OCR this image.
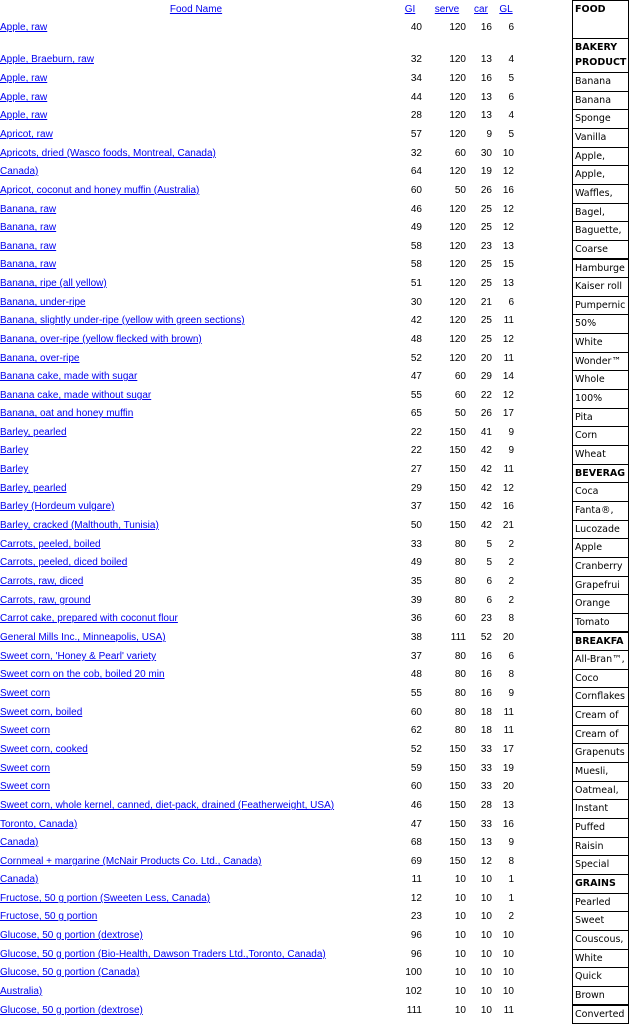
Food Name	GI	serve	car	GL
Apple, raw	40	120	16	6
Apple, Braeburn, raw	32	120	13	4
Apple, raw	34	120	16	5
Apple, raw	44	120	13	6
Apple, raw	28	120	13	4
Apricot, raw	57	120	9	5
Apricots, dried (Wasco foods, Montreal, Canada)	32	60	30	10
Canada)	64	120	19	12
Apricot, coconut and honey muffin (Australia)	60	50	26	16
Banana, raw	46	120	25	12
Banana, raw	49	120	25	12
Banana, raw	58	120	23	13
Banana, raw	58	120	25	15
Banana, ripe (all yellow)	51	120	25	13
Banana, under-ripe	30	120	21	6
Banana, slightly under-ripe (yellow with green sections)	42	120	25	11
Banana, over-ripe (yellow flecked with brown)	48	120	25	12
Banana, over-ripe	52	120	20	11
Banana cake, made with sugar	47	60	29	14
Banana cake, made without sugar	55	60	22	12
Banana, oat and honey muffin	65	50	26	17
Barley, pearled	22	150	41	9
Barley	22	150	42	9
Barley	27	150	42	11
Barley, pearled	29	150	42	12
Barley (Hordeum vulgare)	37	150	42	16
Barley, cracked (Malthouth, Tunisia)	50	150	42	21
Carrots, peeled, boiled	33	80	5	2
Carrots, peeled, diced boiled	49	80	5	2
Carrots, raw, diced	35	80	6	2
Carrots, raw, ground	39	80	6	2
Carrot cake, prepared with coconut flour	36	60	23	8
General Mills Inc., Minneapolis, USA)	38	111	52	20
Sweet corn, 'Honey & Pearl' variety	37	80	16	6
Sweet corn on the cob, boiled 20 min	48	80	16	8
Sweet corn	55	80	16	9
Sweet corn, boiled	60	80	18	11
Sweet corn	62	80	18	11
Sweet corn, cooked	52	150	33	17
Sweet corn	59	150	33	19
Sweet corn	60	150	33	20
Sweet corn, whole kernel, canned, diet-pack, drained (Featherweight, USA)	46	150	28	13
Toronto, Canada)	47	150	33	16
Canada)	68	150	13	9
Cornmeal + margarine (McNair Products Co. Ltd., Canada)	69	150	12	8
Canada)	11	10	10	1
Fructose, 50 g portion (Sweeten Less, Canada)	12	10	10	1
Fructose, 50 g portion	23	10	10	2
Glucose, 50 g portion (dextrose)	96	10	10	10
Glucose, 50 g portion (Bio-Health, Dawson Traders Ltd.,Toronto, Canada)	96	10	10	10
Glucose, 50 g portion (Canada)	100	10	10	10
Australia)	102	10	10	10
Glucose, 50 g portion (dextrose)	111	10	10	11
FOOD
BAKERY PRODUCT
Banana
Banana
Sponge
Vanilla
Apple,
Apple,
Waffles,
Bagel,
Baguette,
Coarse
Hamburge
Kaiser roll
Pumpernic
50%
White
Wonder™
Whole
100%
Pita
Corn
Wheat
BEVERAG
Coca
Fanta®,
Lucozade
Apple
Cranberry
Grapefrui
Orange
Tomato
BREAKFA
All-Bran™,
Coco
Cornflakes
Cream of
Cream of
Grapenuts
Muesli,
Oatmeal,
Instant
Puffed
Raisin
Special
GRAINS
Pearled
Sweet
Couscous,
White
Quick
Brown
Converted
